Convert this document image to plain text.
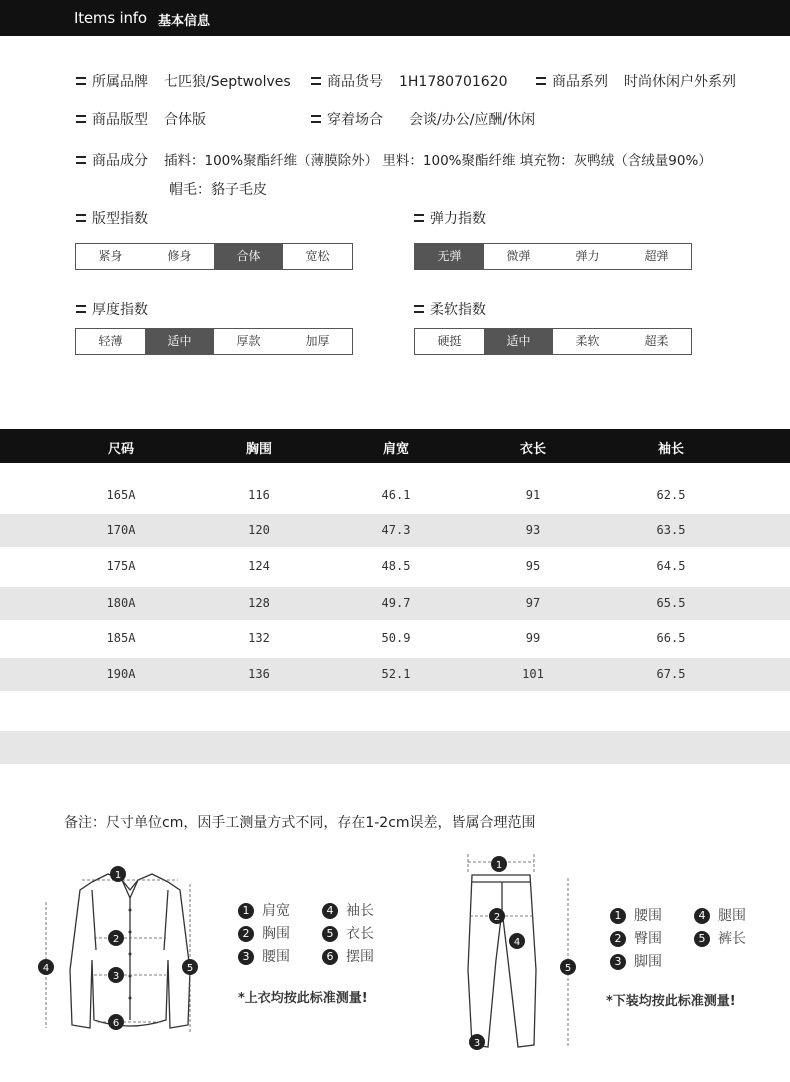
Items info 基本信息
所属品牌 七匹狼/Septwolves	商品货号 1H1780701620	商品系列 时尚休闲户外系列
商品版型 合体版	穿着场合 会谈/办公/应酬/休闲
商品成分 插料：100%聚酯纤维（薄膜除外） 里料：100%聚酯纤维 填充物：灰鸭绒（含绒量90%）
帽毛：貉子毛皮
版型指数
紧身	修身	合体	宽松
弹力指数
无弹	微弹	弹力	超弹
厚度指数
轻薄	适中	厚款	加厚
柔软指数
硬挺	适中	柔软	超柔
尺码	胸围	肩宽	衣长	袖长
165A	116	46.1	91	62.5
170A	120	47.3	93	63.5
175A	124	48.5	95	64.5
180A	128	49.7	97	65.5
185A	132	50.9	99	66.5
190A	136	52.1	101	67.5
备注：尺寸单位cm，因手工测量方式不同，存在1-2cm误差，皆属合理范围
1
2
3
4	5
6
1 肩宽	4 袖长
2 胸围	5 衣长
3 腰围	6 摆围
*上衣均按此标准测量!
1
2
3
4
5
1 腰围	4 腿围
2 臀围	5 裤长
3 脚围
*下装均按此标准测量!
